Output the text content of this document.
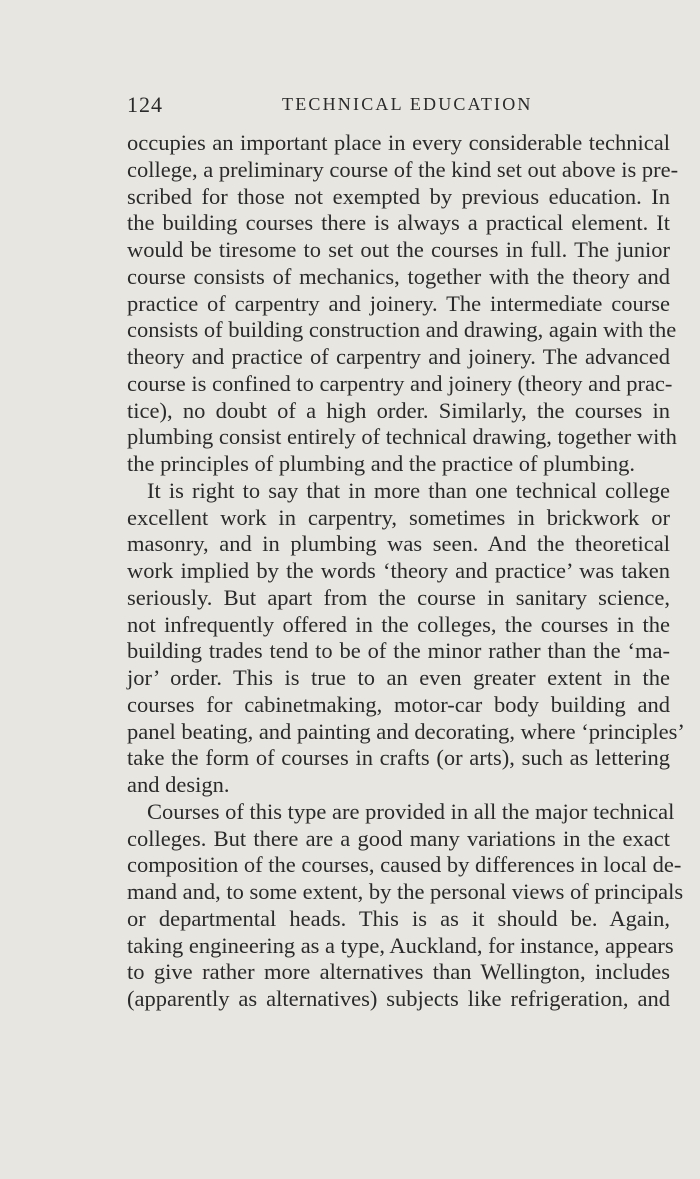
124	TECHNICAL EDUCATION
occupies an important place in every considerable technical
college, a preliminary course of the kind set out above is pre-
scribed for those not exempted by previous education. In
the building courses there is always a practical element. It
would be tiresome to set out the courses in full. The junior
course consists of mechanics, together with the theory and
practice of carpentry and joinery. The intermediate course
consists of building construction and drawing, again with the
theory and practice of carpentry and joinery. The advanced
course is confined to carpentry and joinery (theory and prac-
tice), no doubt of a high order. Similarly, the courses in
plumbing consist entirely of technical drawing, together with
the principles of plumbing and the practice of plumbing.
It is right to say that in more than one technical college
excellent work in carpentry, sometimes in brickwork or
masonry, and in plumbing was seen. And the theoretical
work implied by the words ‘theory and practice’ was taken
seriously. But apart from the course in sanitary science,
not infrequently offered in the colleges, the courses in the
building trades tend to be of the minor rather than the ‘ma-
jor’ order. This is true to an even greater extent in the
courses for cabinetmaking, motor-car body building and
panel beating, and painting and decorating, where ‘principles’
take the form of courses in crafts (or arts), such as lettering
and design.
Courses of this type are provided in all the major technical
colleges. But there are a good many variations in the exact
composition of the courses, caused by differences in local de-
mand and, to some extent, by the personal views of principals
or departmental heads. This is as it should be. Again,
taking engineering as a type, Auckland, for instance, appears
to give rather more alternatives than Wellington, includes
(apparently as alternatives) subjects like refrigeration, and
